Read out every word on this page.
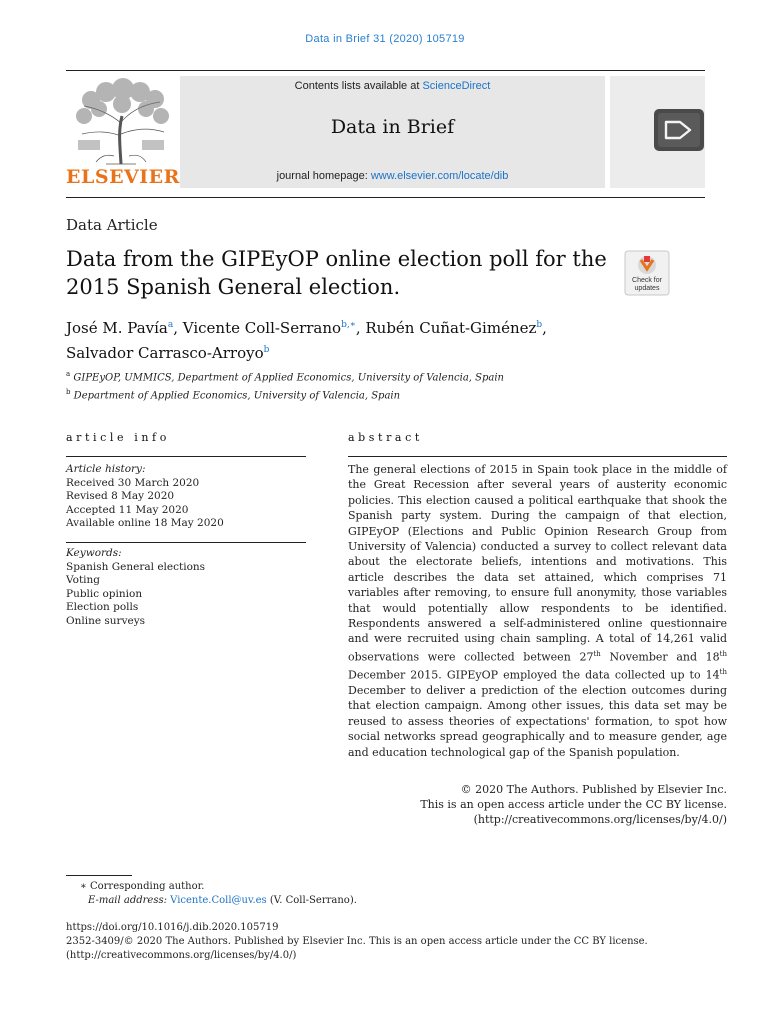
Data in Brief 31 (2020) 105719
ELSEVIER
Contents lists available at ScienceDirect
Data in Brief
journal homepage: www.elsevier.com/locate/dib
Data Article
Data from the GIPEyOP online election poll for the 2015 Spanish General election.	Check for
updates
José M. Pavía$^a$, Vicente Coll-Serrano$^{b,∗}$, Rubén Cuñat-Giménez$^b$,
Salvador Carrasco-Arroyo$^b$
$^a$ GIPEyOP, UMMICS, Department of Applied Economics, University of Valencia, Spain
$^b$ Department of Applied Economics, University of Valencia, Spain
article info
Article history:
Received 30 March 2020
Revised 8 May 2020
Accepted 11 May 2020
Available online 18 May 2020
Keywords:
Spanish General elections
Voting
Public opinion
Election polls
Online surveys
abstract
The general elections of 2015 in Spain took place in the middle of the Great Recession after several years of austerity economic policies. This election caused a political earthquake that shook the Spanish party system. During the campaign of that election, GIPEyOP (Elections and Public Opinion Research Group from University of Valencia) conducted a survey to collect relevant data about the electorate beliefs, intentions and motivations. This article describes the data set attained, which comprises 71 variables after removing, to ensure full anonymity, those variables that would potentially allow respondents to be identified. Respondents answered a self-administered online questionnaire and were recruited using chain sampling. A total of 14,261 valid observations were collected between 27th November and 18th December 2015. GIPEyOP employed the data collected up to 14th December to deliver a prediction of the election outcomes during that election campaign. Among other issues, this data set may be reused to assess theories of expectations' formation, to spot how social networks spread geographically and to measure gender, age and education technological gap of the Spanish population.
© 2020 The Authors. Published by Elsevier Inc.
This is an open access article under the CC BY license.
(http://creativecommons.org/licenses/by/4.0/)
∗ Corresponding author.
E-mail address: Vicente.Coll@uv.es (V. Coll-Serrano).
https://doi.org/10.1016/j.dib.2020.105719
2352-3409/© 2020 The Authors. Published by Elsevier Inc. This is an open access article under the CC BY license.
(http://creativecommons.org/licenses/by/4.0/)
